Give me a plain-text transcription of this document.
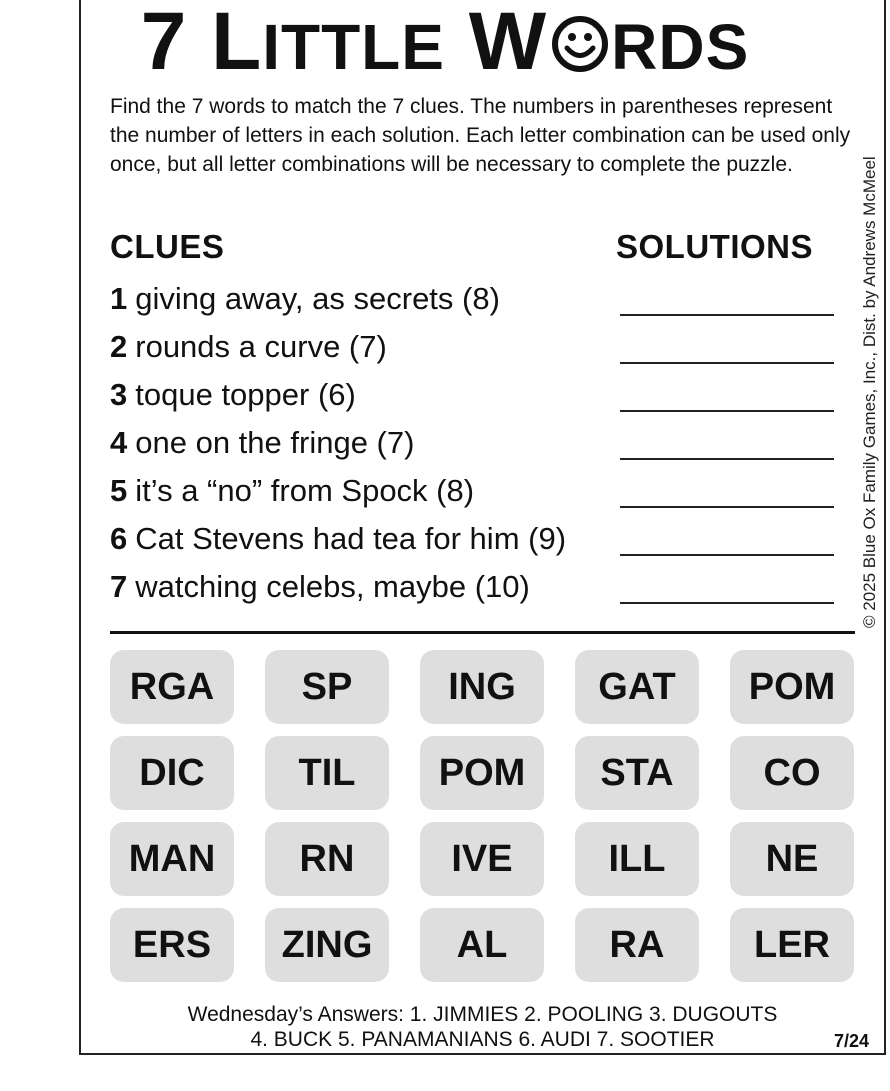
7 LITTLE W RDS
Find the 7 words to match the 7 clues. The numbers in parentheses represent the number of letters in each solution. Each letter combination can be used only once, but all letter combinations will be necessary to complete the puzzle.	© 2025 Blue Ox Family Games, Inc., Dist. by Andrews McMeel
CLUES	SOLUTIONS
1 giving away, as secrets (8)
2 rounds a curve (7)
3 toque topper (6)
4 one on the fringe (7)
5 it’s a “no” from Spock (8)
6 Cat Stevens had tea for him (9)
7 watching celebs, maybe (10)
RGA	SP	ING	GAT	POM
DIC	TIL	POM	STA	CO
MAN	RN	IVE	ILL	NE
ERS	ZING	AL	RA	LER
Wednesday’s Answers: 1. JIMMIES 2. POOLING 3. DUGOUTS
4. BUCK 5. PANAMANIANS 6. AUDI 7. SOOTIER	7/24
